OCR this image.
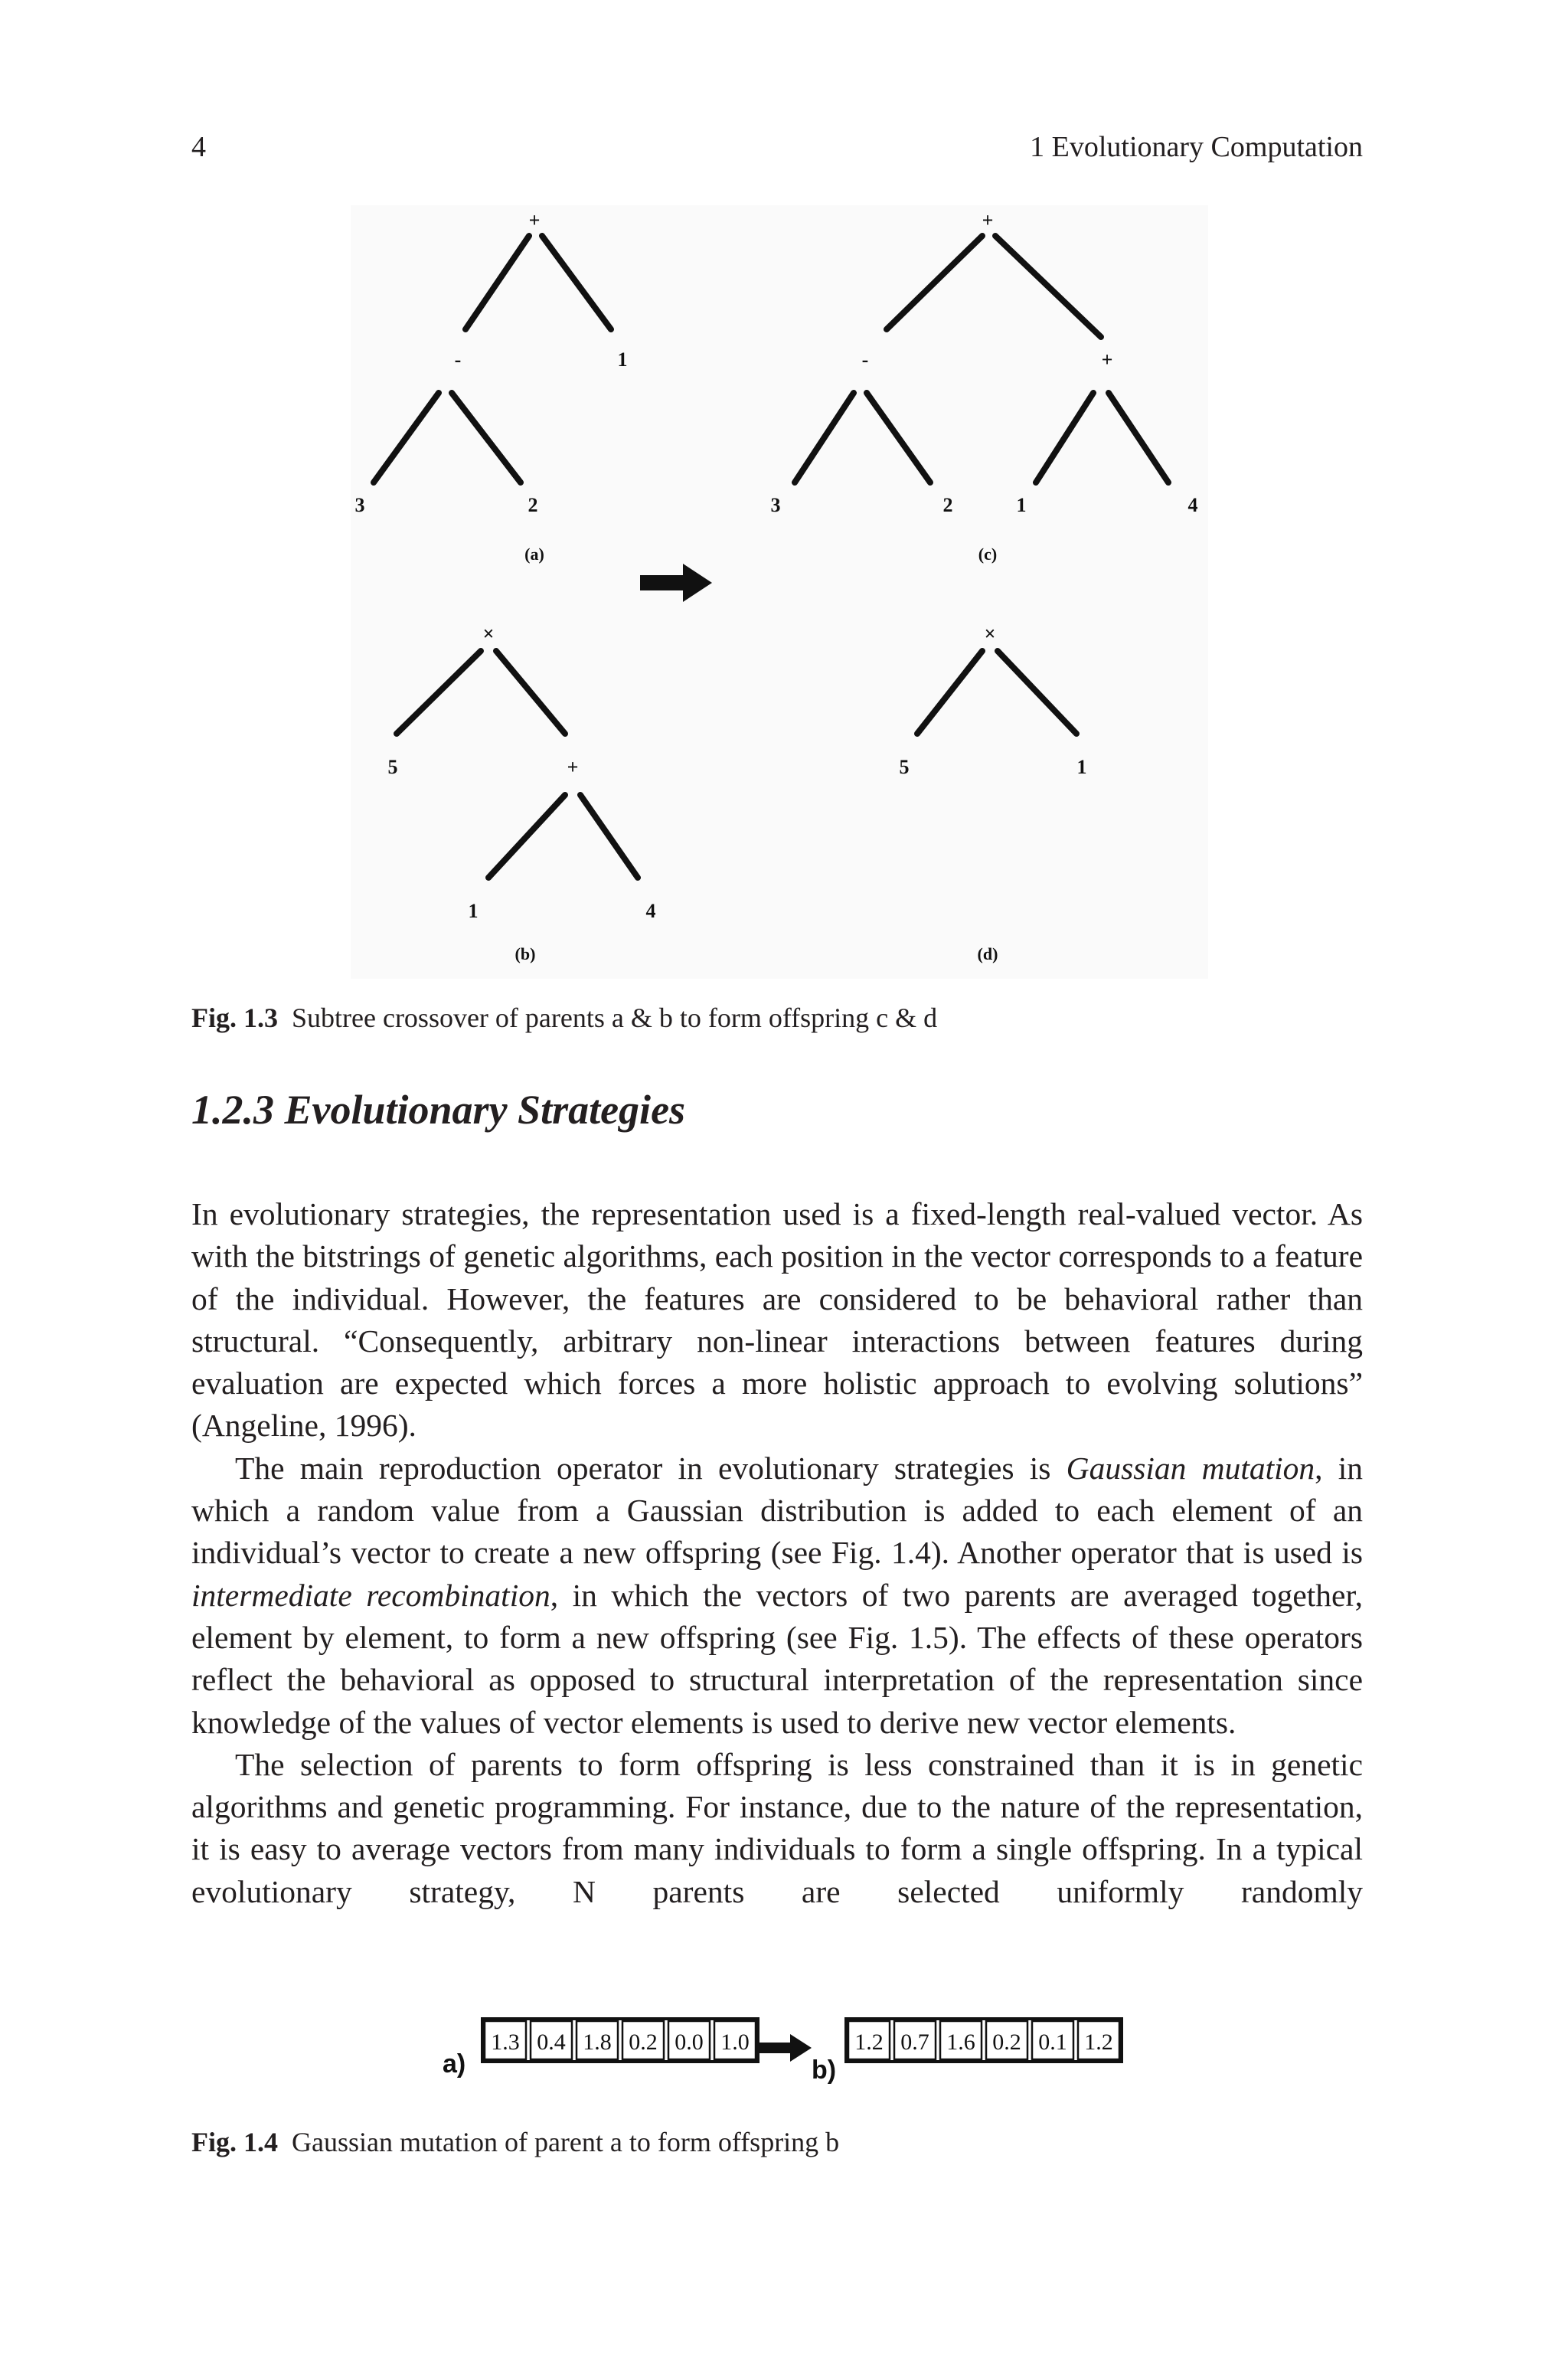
4	1 Evolutionary Computation
+
-	1
3	2
(a)
×
5	+
1	4
(b)
+
-	+
3	2	1	4
(c)
×
5	1
(d)
Fig. 1.3 Subtree crossover of parents a & b to form offspring c & d
1.2.3 Evolutionary Strategies

In evolutionary strategies, the representation used is a fixed-length real-valued vector. As with the bitstrings of genetic algorithms, each position in the vector corresponds to a feature of the individual. However, the features are considered to be behavioral rather than structural. “Consequently, arbitrary non-linear interactions between features during evaluation are expected which forces a more holistic approach to evolving solutions” (Angeline, 1996).

The main reproduction operator in evolutionary strategies is Gaussian mutation, in which a random value from a Gaussian distribution is added to each element of an individual’s vector to create a new offspring (see Fig. 1.4). Another operator that is used is intermediate recombination, in which the vectors of two parents are averaged together, element by element, to form a new offspring (see Fig. 1.5). The effects of these operators reflect the behavioral as opposed to structural interpretation of the representation since knowledge of the values of vector elements is used to derive new vector elements.

The selection of parents to form offspring is less constrained than it is in genetic algorithms and genetic programming. For instance, due to the nature of the representation, it is easy to average vectors from many individuals to form a single offspring. In a typical evolutionary strategy, N parents are selected uniformly randomly

a)
1.3 0.4 1.8 0.2 0.0 1.0
b)
1.2 0.7 1.6 0.2 0.1 1.2
Fig. 1.4 Gaussian mutation of parent a to form offspring b
